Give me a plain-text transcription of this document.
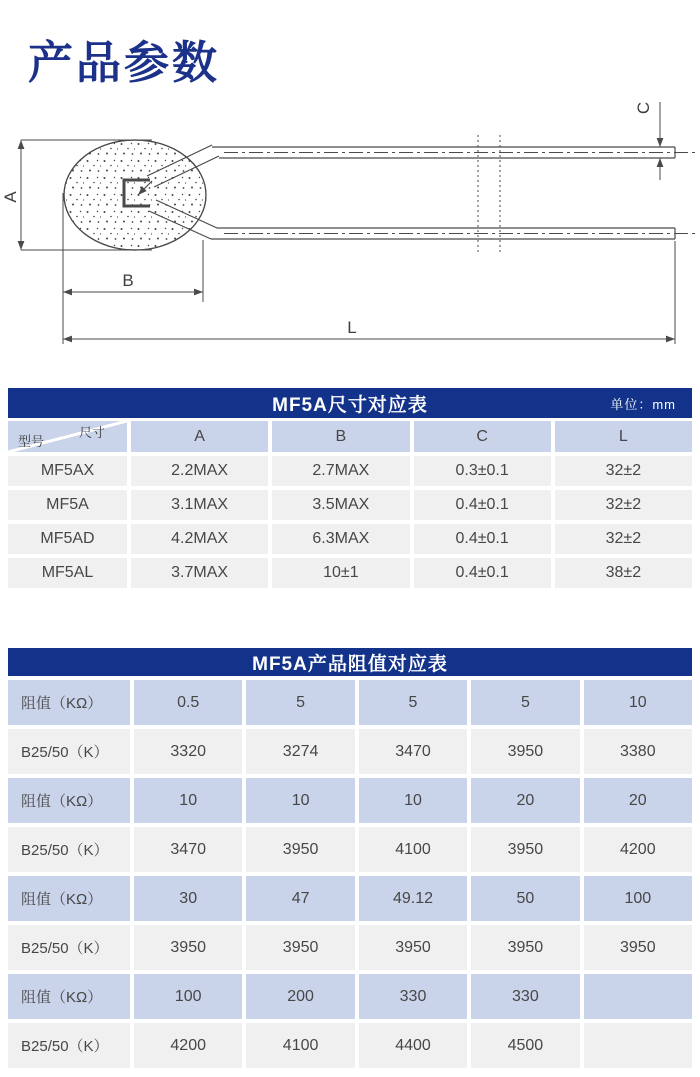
产品参数
A
C
B
L
MF5A尺寸对应表	单位：mm
尺寸
型号	A	B	C	L
MF5AX	2.2MAX	2.7MAX	0.3±0.1	32±2
MF5A	3.1MAX	3.5MAX	0.4±0.1	32±2
MF5AD	4.2MAX	6.3MAX	0.4±0.1	32±2
MF5AL	3.7MAX	10±1	0.4±0.1	38±2
MF5A产品阻值对应表
阻值（KΩ）	0.5	5	5	5	10
B25/50（K）	3320	3274	3470	3950	3380
阻值（KΩ）	10	10	10	20	20
B25/50（K）	3470	3950	4100	3950	4200
阻值（KΩ）	30	47	49.12	50	100
B25/50（K）	3950	3950	3950	3950	3950
阻值（KΩ）	100	200	330	330
B25/50（K）	4200	4100	4400	4500
